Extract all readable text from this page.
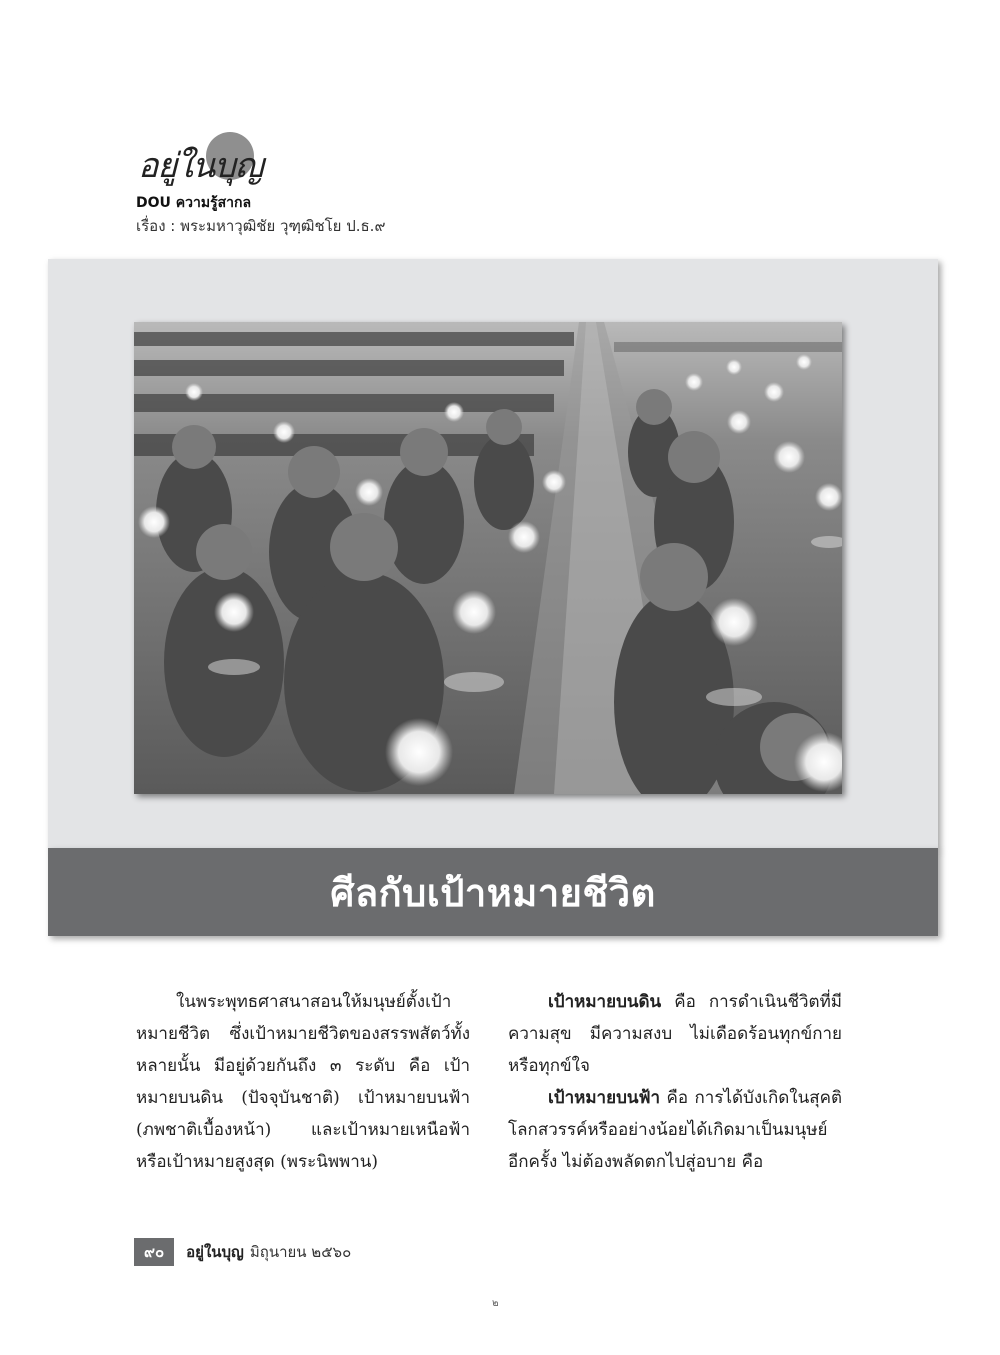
อยู่ในบุญ
DOU ความรู้สากล
เรื่อง : พระมหาวุฒิชัย วุฑฺฒิชโย ป.ธ.๙
ศีลกับเป้าหมายชีวิต

ในพระพุทธศาสนาสอนให้มนุษย์ตั้งเป้าหมายชีวิต ซึ่งเป้าหมายชีวิตของสรรพสัตว์ทั้งหลายนั้น มีอยู่ด้วยกันถึง ๓ ระดับ คือ เป้าหมายบนดิน (ปัจจุบันชาติ) เป้าหมายบนฟ้า (ภพชาติเบื้องหน้า) และเป้าหมายเหนือฟ้า หรือเป้าหมายสูงสุด (พระนิพพาน)

เป้าหมายบนดิน คือ การดำเนินชีวิตที่มีความสุข มีความสงบ ไม่เดือดร้อนทุกข์กายหรือทุกข์ใจ

เป้าหมายบนฟ้า คือ การได้บังเกิดในสุคติโลกสวรรค์หรืออย่างน้อยได้เกิดมาเป็นมนุษย์อีกครั้ง ไม่ต้องพลัดตกไปสู่อบาย คือ

๙๐	อยู่ในบุญ มิถุนายน ๒๕๖๐
๒
